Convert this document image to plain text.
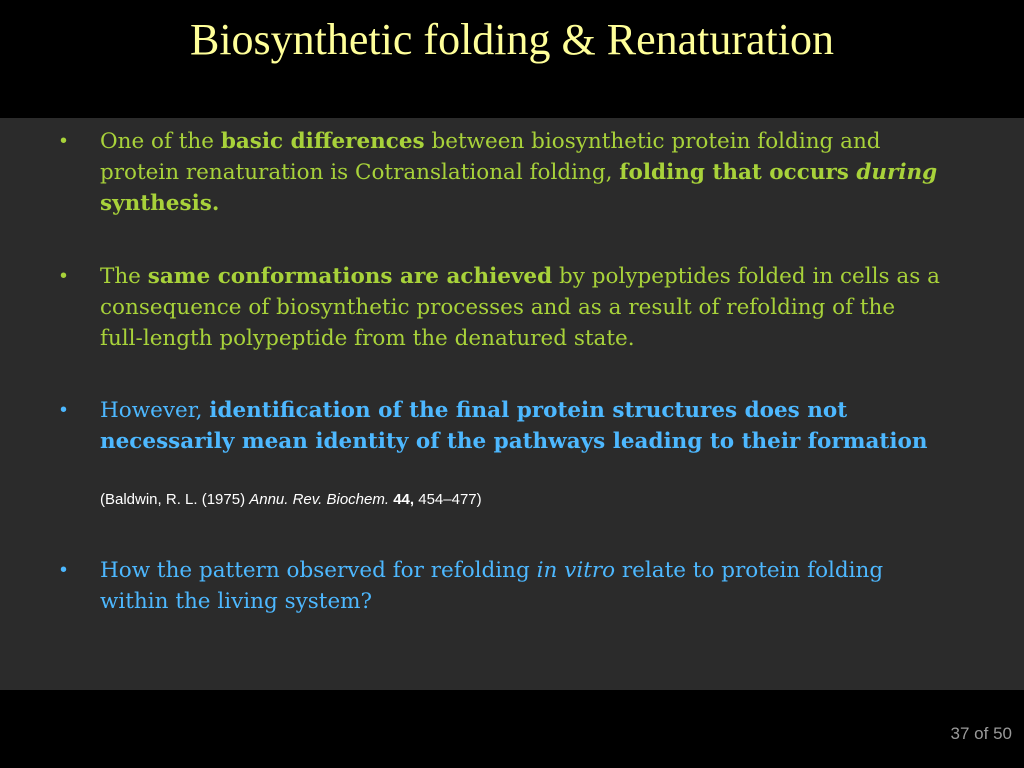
Biosynthetic folding & Renaturation
• One of the basic differences between biosynthetic protein folding and protein renaturation is Cotranslational folding, folding that occurs during synthesis.
• The same conformations are achieved by polypeptides folded in cells as a consequence of biosynthetic processes and as a result of refolding of the full-length polypeptide from the denatured state.
• However, identification of the final protein structures does not necessarily mean identity of the pathways leading to their formation
• How the pattern observed for refolding in vitro relate to protein folding within the living system?
(Baldwin, R. L. (1975) Annu. Rev. Biochem. 44, 454–477)
37 of 50
